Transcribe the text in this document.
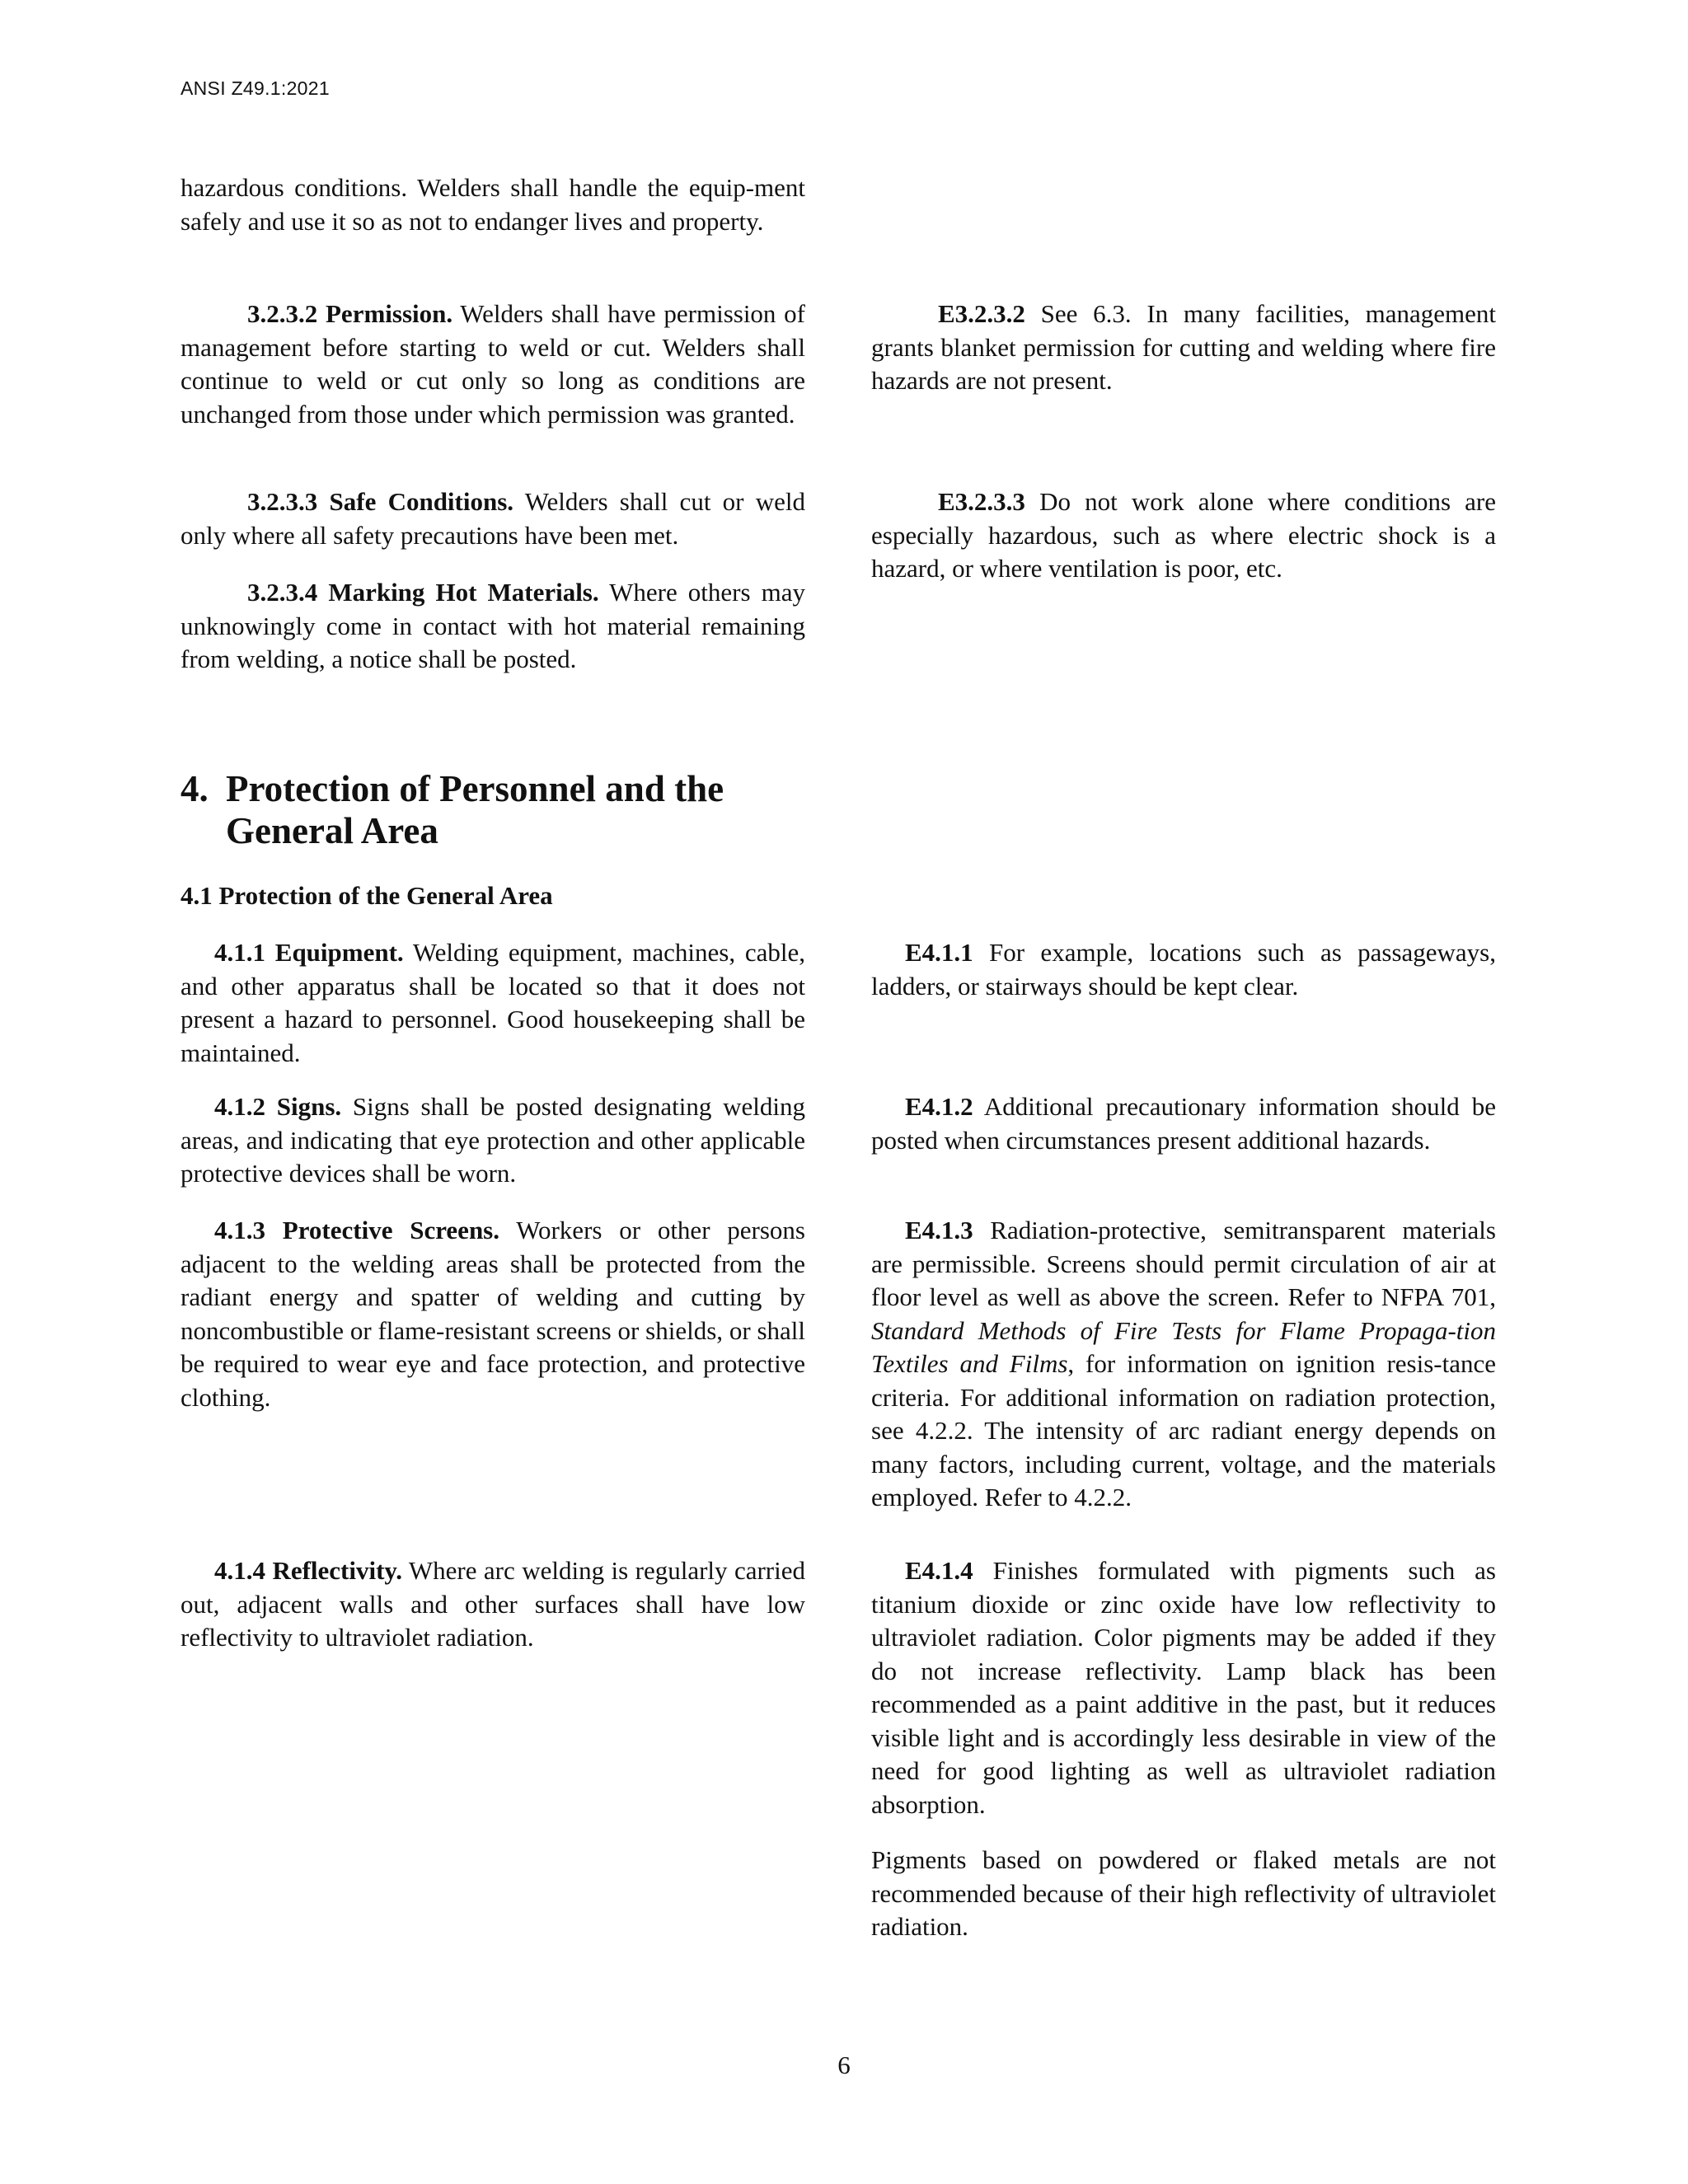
ANSI Z49.1:2021

hazardous conditions. Welders shall handle the equip-ment safely and use it so as not to endanger lives and property.

3.2.3.2 Permission. Welders shall have permission of management before starting to weld or cut. Welders shall continue to weld or cut only so long as conditions are unchanged from those under which permission was granted.

3.2.3.3 Safe Conditions. Welders shall cut or weld only where all safety precautions have been met.

3.2.3.4 Marking Hot Materials. Where others may unknowingly come in contact with hot material remaining from welding, a notice shall be posted.

4. Protection of Personnel and the
General Area
4.1 Protection of the General Area

4.1.1 Equipment. Welding equipment, machines, cable, and other apparatus shall be located so that it does not present a hazard to personnel. Good housekeeping shall be maintained.

4.1.2 Signs. Signs shall be posted designating welding areas, and indicating that eye protection and other applicable protective devices shall be worn.

4.1.3 Protective Screens. Workers or other persons adjacent to the welding areas shall be protected from the radiant energy and spatter of welding and cutting by noncombustible or flame-resistant screens or shields, or shall be required to wear eye and face protection, and protective clothing.

4.1.4 Reflectivity. Where arc welding is regularly carried out, adjacent walls and other surfaces shall have low reflectivity to ultraviolet radiation.

E3.2.3.2 See 6.3. In many facilities, management grants blanket permission for cutting and welding where fire hazards are not present.

E3.2.3.3 Do not work alone where conditions are especially hazardous, such as where electric shock is a hazard, or where ventilation is poor, etc.

E4.1.1 For example, locations such as passageways, ladders, or stairways should be kept clear.

E4.1.2 Additional precautionary information should be posted when circumstances present additional hazards.

E4.1.3 Radiation-protective, semitransparent materials are permissible. Screens should permit circulation of air at floor level as well as above the screen. Refer to NFPA 701, Standard Methods of Fire Tests for Flame Propaga-tion Textiles and Films, for information on ignition resis-tance criteria. For additional information on radiation protection, see 4.2.2. The intensity of arc radiant energy depends on many factors, including current, voltage, and the materials employed. Refer to 4.2.2.

E4.1.4 Finishes formulated with pigments such as titanium dioxide or zinc oxide have low reflectivity to ultraviolet radiation. Color pigments may be added if they do not increase reflectivity. Lamp black has been recommended as a paint additive in the past, but it reduces visible light and is accordingly less desirable in view of the need for good lighting as well as ultraviolet radiation absorption.

Pigments based on powdered or flaked metals are not recommended because of their high reflectivity of ultraviolet radiation.

6
